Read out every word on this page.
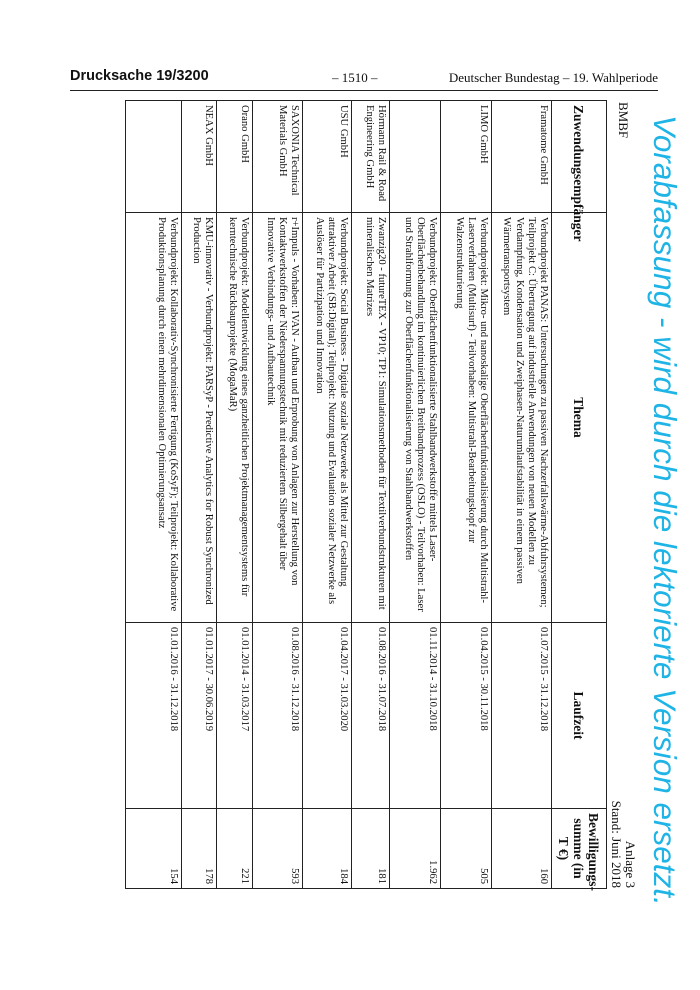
Drucksache 19/3200	– 1510 –	Deutscher Bundestag – 19. Wahlperiode
Vorabfassung - wird durch die lektorierte Version ersetzt.
BMBF
Anlage 3
Stand: Juni 2018
Zuwendungsempfänger	Thema	Laufzeit	Bewilligungs-summe (in T €)
Framatome GmbH	Verbundprojekt PANAS: Untersuchungen zu passiven Nachzerfallswärme-Abfuhrsystemen; Teilprojekt C: Übertragung auf industrielle Anwendungen von neuen Modellen zu Verdampfung, Kondensation und Zweiphasen-Naturumlaufstabilität in einem passiven Wärmetransportsystem	01.07.2015 - 31.12.2018	160
LIMO GmbH	Verbundprojekt: Mikro- und nanoskalige Oberflächenfunktionalisierung durch Multistrahl-Laserverfahren (Multisurf) - Teilvorhaben: Multistrahl-Bearbeitungskopf zur Walzenstrukturierung	01.04.2015 - 30.11.2018	505
	Verbundprojekt: Oberflächenfunktionalisierte Stahlbandwerkstoffe mittels Laser-Oberflächenbehandlung im kontinuierlichen Breitbandprozess (OSLO) - Teilvorhaben: Laser und Strahlformung zur Oberflächenfunktionalisierung von Stahlbandwerkstoffen	01.11.2014 - 31.10.2018	1.962
Hörmann Rail & Road Engineering GmbH	Zwanzig20 - futureTEX - VP10; TP1: Simulationsmethoden für Textilverbundstrukturen mit mineralischen Matrizes	01.08.2016 - 31.07.2018	181
USU GmbH	Verbundprojekt: Social Business - Digitale soziale Netzwerke als Mittel zur Gestaltung attraktiver Arbeit (SB:Digital); Teilprojekt: Nutzung und Evaluation sozialer Netzwerke als Auslöser für Partizipation und Innovation	01.04.2017 - 31.03.2020	184
SAXONIA Technical Materials GmbH	r+Impuls - Vorhaben: IVAN - Aufbau und Erprobung von Anlagen zur Herstellung von Kontaktwerkstoffen der Niederspannungstechnik mit reduziertem Silbergehalt über Innovative Verbindungs- und Aufbautechnik	01.08.2016 - 31.12.2018	593
Orano GmbH	Verbundprojekt: Modellentwicklung eines ganzheitlichen Projektmanagementsystems für kerntechnische Rückbauprojekte (MogaMaR)	01.01.2014 - 31.03.2017	221
NEAX GmbH	KMU-innovativ - Verbundprojekt: PARSyP - Predictive Analytics for Robust Synchronized Production	01.01.2017 - 30.06.2019	178
	Verbundprojekt: Kollaborativ-Synchronisierte Fertigung (KoSyF); Teilprojekt: Kollaborative Produktionsplanung durch einen mehrdimensionalen Optimierungsansatz	01.01.2016 - 31.12.2018	154
